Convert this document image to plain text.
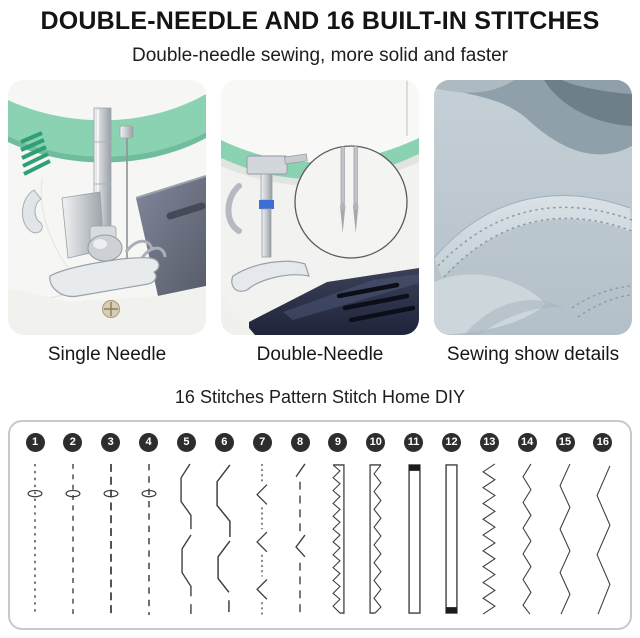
DOUBLE-NEEDLE AND 16 BUILT-IN STITCHES

Double-needle sewing, more solid and faster

Single Needle	Double-Needle	Sewing show details

16 Stitches Pattern Stitch Home DIY

1	2	3	4	5	6	7	8	9	10	11	12	13	14	15	16
